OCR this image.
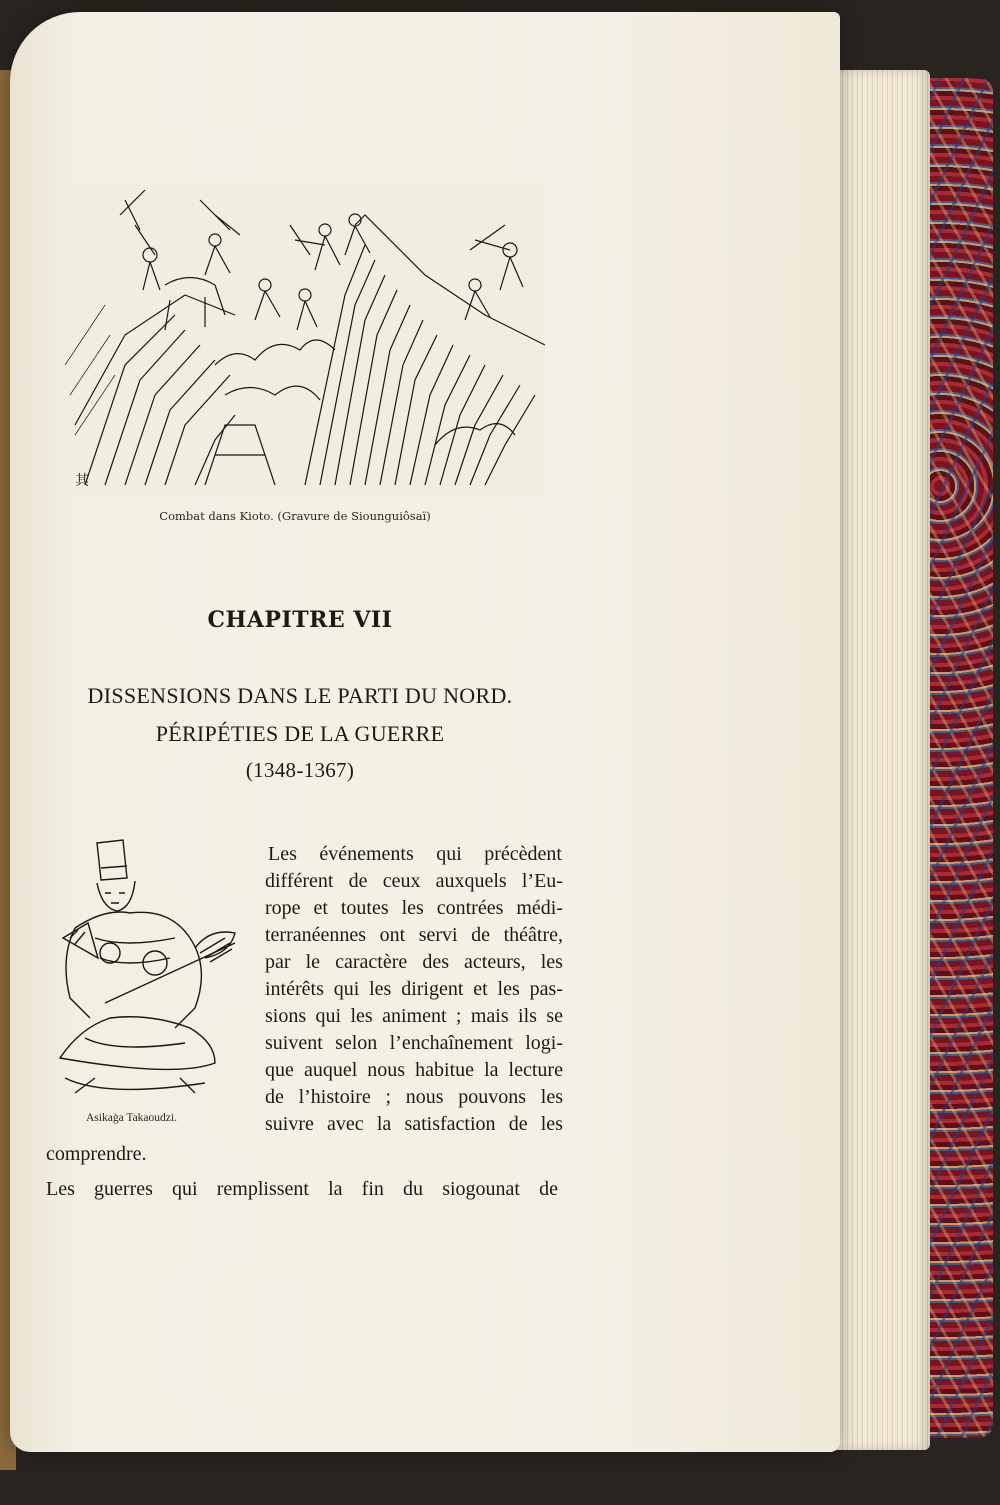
其
Combat dans Kioto. (Gravure de Siounguiôsaï)
CHAPITRE VII
DISSENSIONS DANS LE PARTI DU NORD.
PÉRIPÉTIES DE LA GUERRE
(1348-1367)
Asikaġa Takaoudzi.
Les événements qui précèdent
différent de ceux auxquels l’Eu-
rope et toutes les contrées médi-
terranéennes ont servi de théâtre,
par le caractère des acteurs, les
intérêts qui les dirigent et les pas-
sions qui les animent ; mais ils se
suivent selon l’enchaînement logi-
que auquel nous habitue la lecture
de l’histoire ; nous pouvons les
suivre avec la satisfaction de les
comprendre.
Les guerres qui remplissent la fin du siogounat de
